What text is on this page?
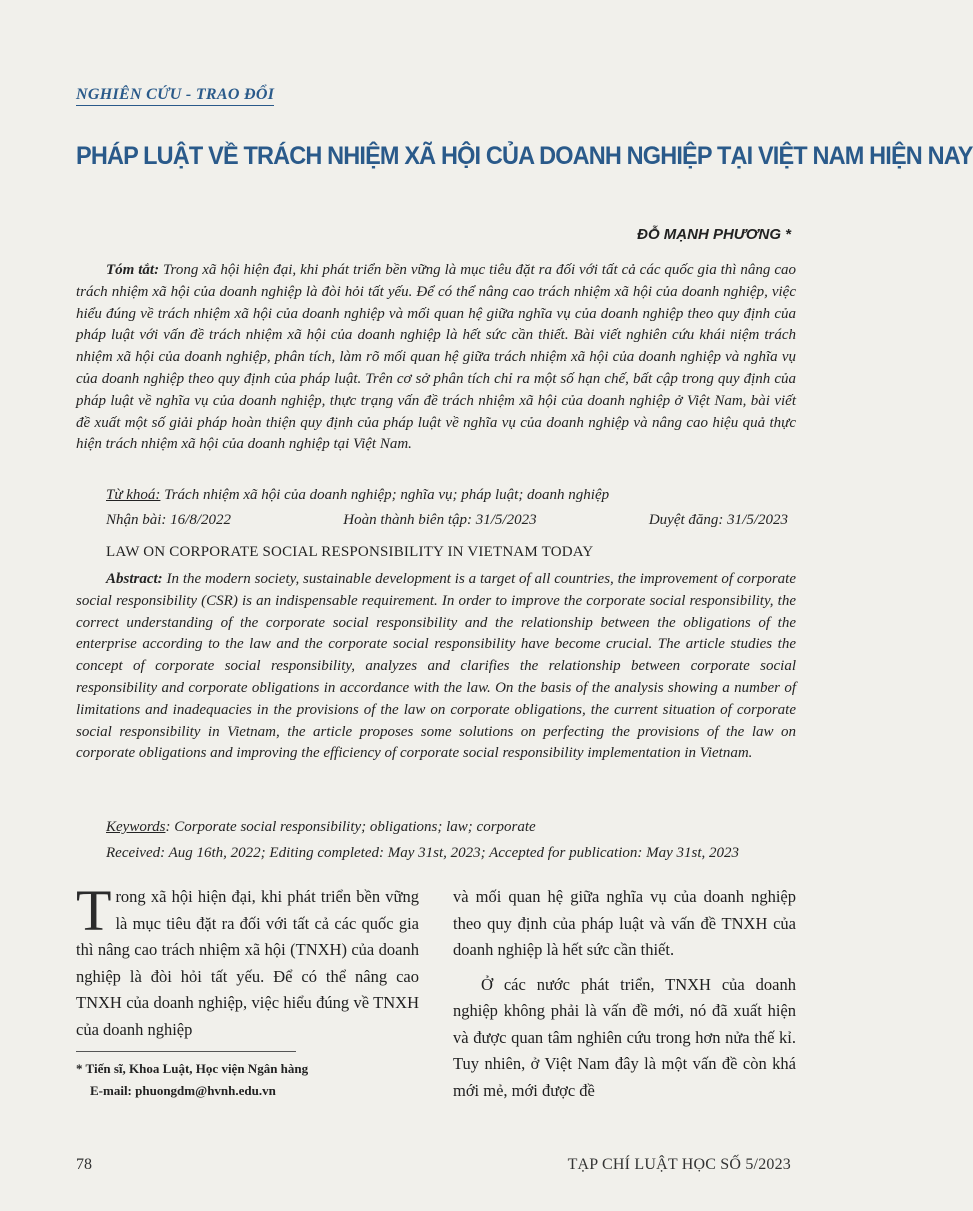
NGHIÊN CỨU - TRAO ĐỔI
PHÁP LUẬT VỀ TRÁCH NHIỆM XÃ HỘI CỦA DOANH NGHIỆP TẠI VIỆT NAM HIỆN NAY
ĐỖ MẠNH PHƯƠNG *
Tóm tắt: Trong xã hội hiện đại, khi phát triển bền vững là mục tiêu đặt ra đối với tất cả các quốc gia thì nâng cao trách nhiệm xã hội của doanh nghiệp là đòi hỏi tất yếu. Để có thể nâng cao trách nhiệm xã hội của doanh nghiệp, việc hiểu đúng về trách nhiệm xã hội của doanh nghiệp và mối quan hệ giữa nghĩa vụ của doanh nghiệp theo quy định của pháp luật với vấn đề trách nhiệm xã hội của doanh nghiệp là hết sức cần thiết. Bài viết nghiên cứu khái niệm trách nhiệm xã hội của doanh nghiệp, phân tích, làm rõ mối quan hệ giữa trách nhiệm xã hội của doanh nghiệp và nghĩa vụ của doanh nghiệp theo quy định của pháp luật. Trên cơ sở phân tích chỉ ra một số hạn chế, bất cập trong quy định của pháp luật về nghĩa vụ của doanh nghiệp, thực trạng vấn đề trách nhiệm xã hội của doanh nghiệp ở Việt Nam, bài viết đề xuất một số giải pháp hoàn thiện quy định của pháp luật về nghĩa vụ của doanh nghiệp và nâng cao hiệu quả thực hiện trách nhiệm xã hội của doanh nghiệp tại Việt Nam.
Từ khoá: Trách nhiệm xã hội của doanh nghiệp; nghĩa vụ; pháp luật; doanh nghiệp
Nhận bài: 16/8/2022	Hoàn thành biên tập: 31/5/2023	Duyệt đăng: 31/5/2023
LAW ON CORPORATE SOCIAL RESPONSIBILITY IN VIETNAM TODAY
Abstract: In the modern society, sustainable development is a target of all countries, the improvement of corporate social responsibility (CSR) is an indispensable requirement. In order to improve the corporate social responsibility, the correct understanding of the corporate social responsibility and the relationship between the obligations of the enterprise according to the law and the corporate social responsibility have become crucial. The article studies the concept of corporate social responsibility, analyzes and clarifies the relationship between corporate social responsibility and corporate obligations in accordance with the law. On the basis of the analysis showing a number of limitations and inadequacies in the provisions of the law on corporate obligations, the current situation of corporate social responsibility in Vietnam, the article proposes some solutions on perfecting the provisions of the law on corporate obligations and improving the efficiency of corporate social responsibility implementation in Vietnam.
Keywords: Corporate social responsibility; obligations; law; corporate
Received: Aug 16th, 2022; Editing completed: May 31st, 2023; Accepted for publication: May 31st, 2023

Trong xã hội hiện đại, khi phát triển bền vững là mục tiêu đặt ra đối với tất cả các quốc gia thì nâng cao trách nhiệm xã hội (TNXH) của doanh nghiệp là đòi hỏi tất yếu. Để có thể nâng cao TNXH của doanh nghiệp, việc hiểu đúng về TNXH của doanh nghiệp

và mối quan hệ giữa nghĩa vụ của doanh nghiệp theo quy định của pháp luật và vấn đề TNXH của doanh nghiệp là hết sức cần thiết.

Ở các nước phát triển, TNXH của doanh nghiệp không phải là vấn đề mới, nó đã xuất hiện và được quan tâm nghiên cứu trong hơn nửa thế kỉ. Tuy nhiên, ở Việt Nam đây là một vấn đề còn khá mới mẻ, mới được đề

* Tiến sĩ, Khoa Luật, Học viện Ngân hàng
E-mail: phuongdm@hvnh.edu.vn
78	TẠP CHÍ LUẬT HỌC SỐ 5/2023
